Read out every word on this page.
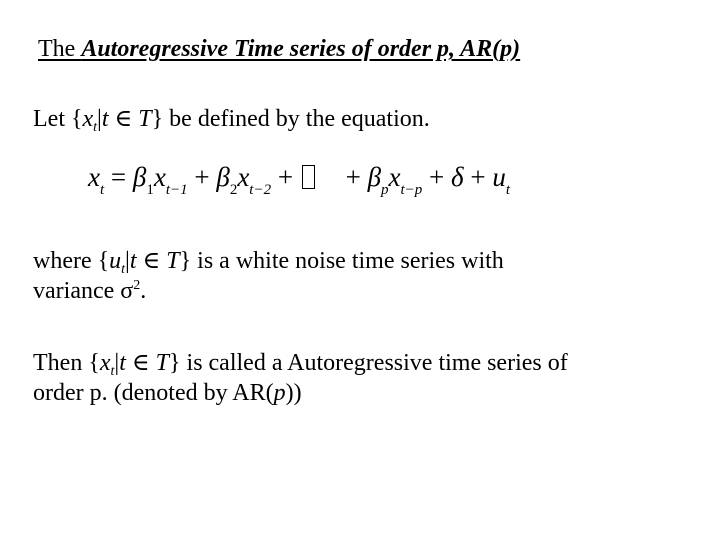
The Autoregressive Time series of order p, AR(p)
Let {$x_t|t$ ∈ T} be defined by the equation.
$x_t = \beta_1x_{t-1} + \beta_2x_{t-2}$ +  + $\beta_px_{t-p} + \delta + u_t$
where {$u_t|t$ ∈ T} is a white noise time series with
variance $\sigma^2$.
Then {$x_t|t$ ∈ T} is called a Autoregressive time series of
order p. (denoted by AR(p))
